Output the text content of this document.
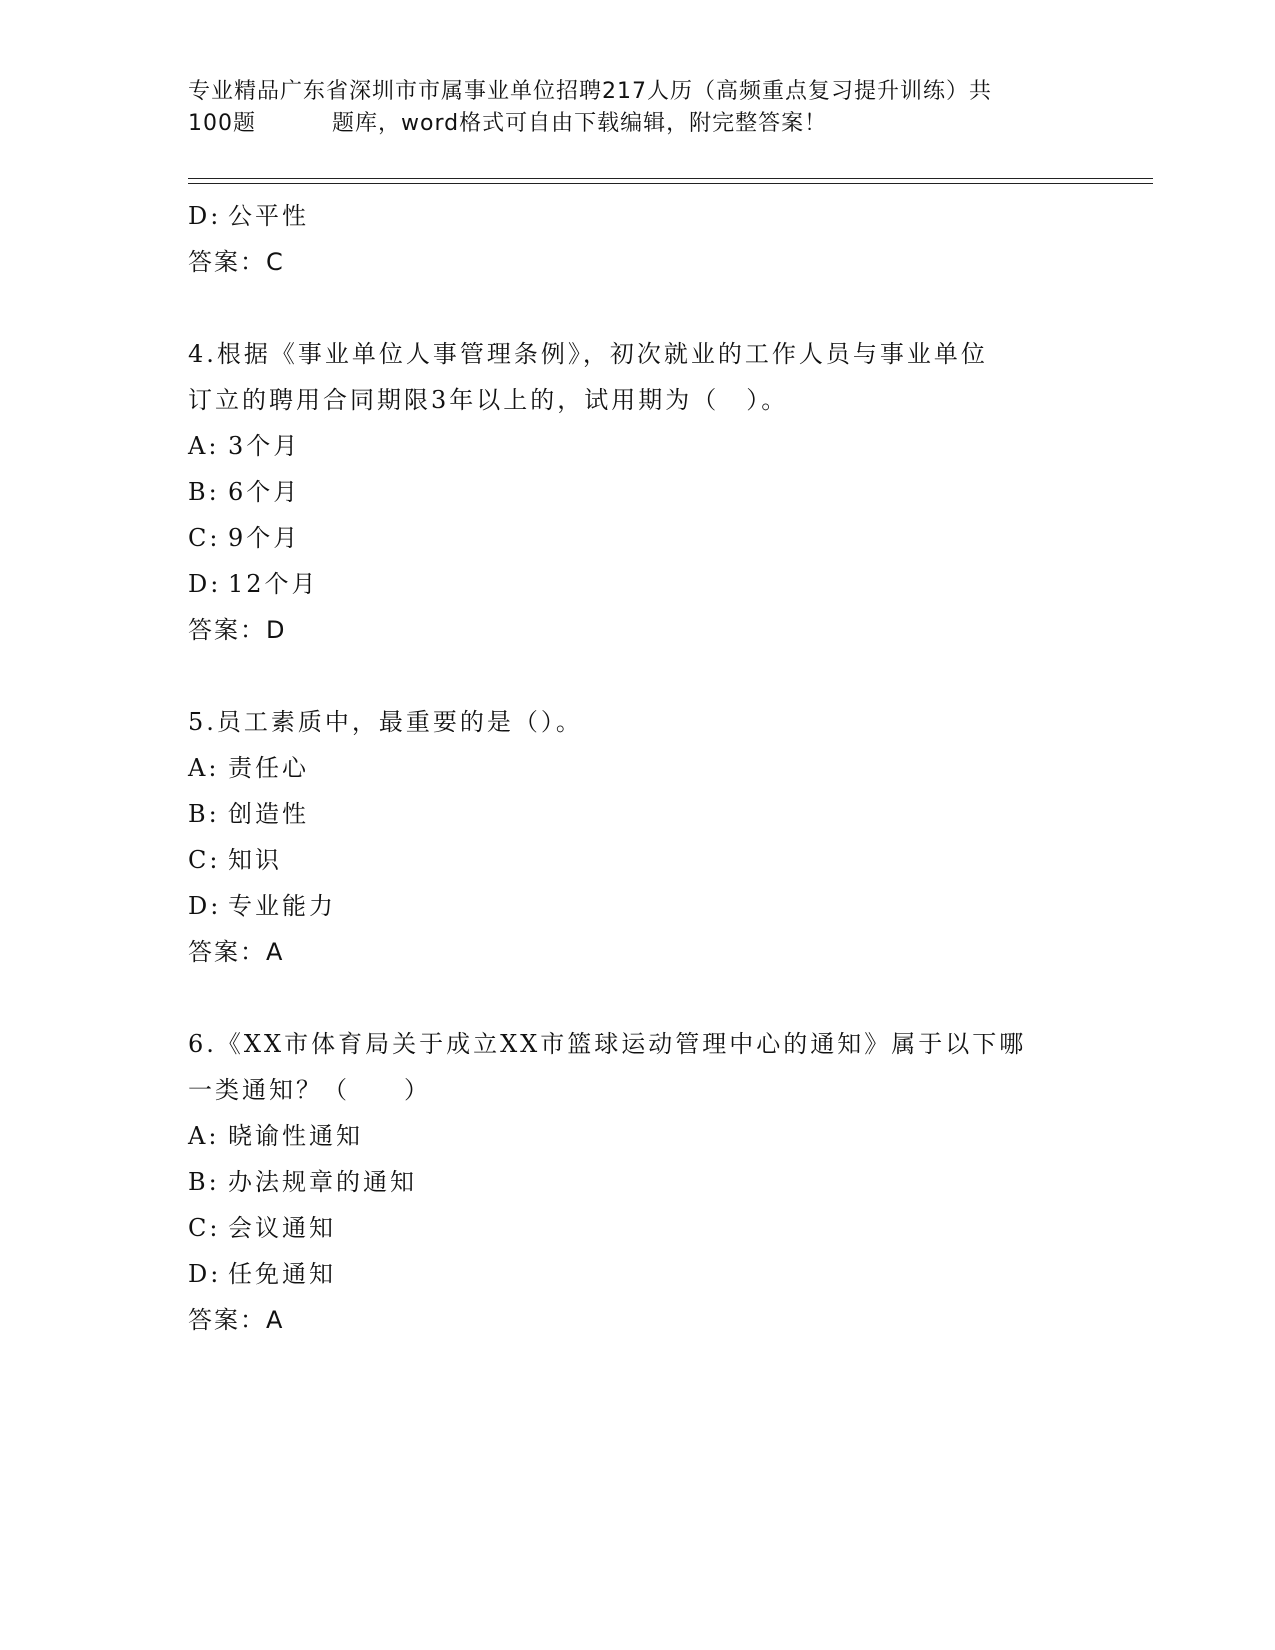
专业精品广东省深圳市市属事业单位招聘217人历（高频重点复习提升训练）共
100题	题库，word格式可自由下载编辑，附完整答案！
D: 公平性
答案：C
4.根据《事业单位人事管理条例》，初次就业的工作人员与事业单位
订立的聘用合同期限3年以上的，试用期为（　）。
A: 3个月
B: 6个月
C: 9个月
D: 12个月
答案：D
5.员工素质中，最重要的是（）。
A: 责任心
B: 创造性
C: 知识
D: 专业能力
答案：A
6.《XX市体育局关于成立XX市篮球运动管理中心的通知》属于以下哪
一类通知？（　　）
A: 晓谕性通知
B: 办法规章的通知
C: 会议通知
D: 任免通知
答案：A
